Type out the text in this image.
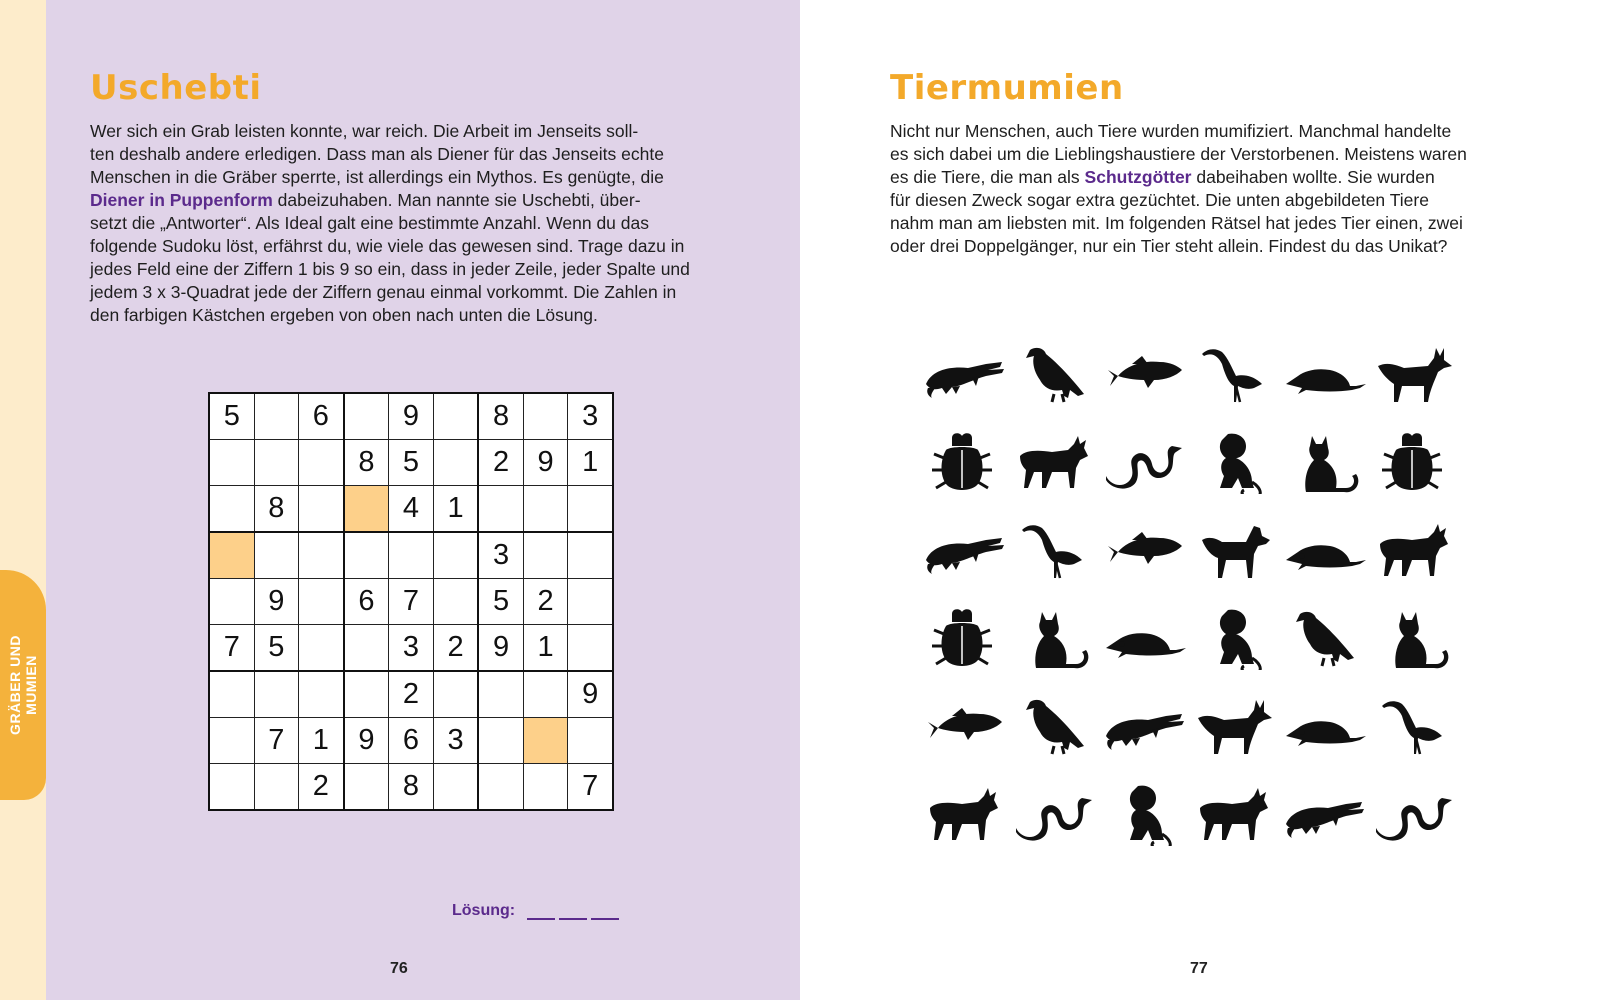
GRÄBER UND MUMIEN
Uschebti

Wer sich ein Grab leisten konnte, war reich. Die Arbeit im Jenseits soll-
ten deshalb andere erledigen. Dass man als Diener für das Jenseits echte
Menschen in die Gräber sperrte, ist allerdings ein Mythos. Es genügte, die
Diener in Puppenform dabeizuhaben. Man nannte sie Uschebti, über-
setzt die „Antworter“. Als Ideal galt eine bestimmte Anzahl. Wenn du das
folgende Sudoku löst, erfährst du, wie viele das gewesen sind. Trage dazu in
jedes Feld eine der Ziffern 1 bis 9 so ein, dass in jeder Zeile, jeder Spalte und
jedem 3 x 3-Quadrat jede der Ziffern genau einmal vorkommt. Die Zahlen in
den farbigen Kästchen ergeben von oben nach unten die Lösung.

5		6		9		8		3
			8	5		2	9	1
	8			4	1			
						3		
	9		6	7		5	2	
7	5			3	2	9	1	
				2				9
	7	1	9	6	3			
		2		8				7
Lösung:
76
Tiermumien

Nicht nur Menschen, auch Tiere wurden mumifiziert. Manchmal handelte
es sich dabei um die Lieblingshaustiere der Verstorbenen. Meistens waren
es die Tiere, die man als Schutzgötter dabeihaben wollte. Sie wurden
für diesen Zweck sogar extra gezüchtet. Die unten abgebildeten Tiere
nahm man am liebsten mit. Im folgenden Rätsel hat jedes Tier einen, zwei
oder drei Doppelgänger, nur ein Tier steht allein. Findest du das Unikat?

77
